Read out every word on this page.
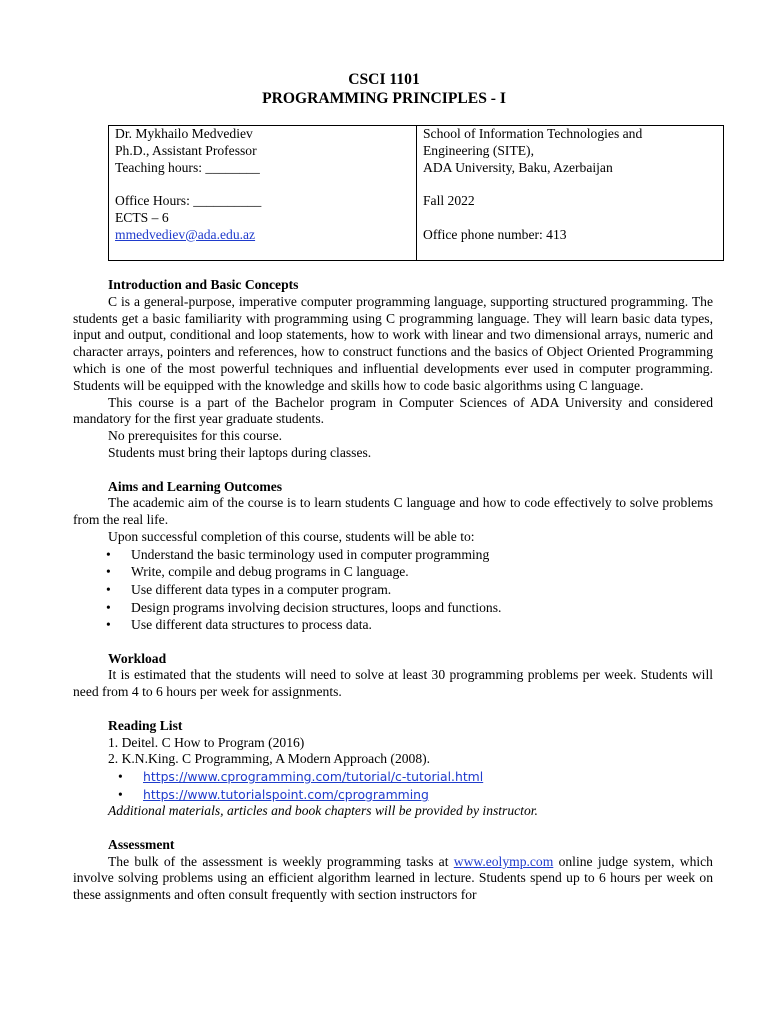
CSCI 1101
PROGRAMMING PRINCIPLES - I
Dr. Mykhailo Medvediev
Ph.D., Assistant Professor
Teaching hours: ________
Office Hours: __________
ECTS – 6
mmedvediev@ada.edu.az

School of Information Technologies and
Engineering (SITE),
ADA University, Baku, Azerbaijan
Fall 2022
Office phone number: 413
Introduction and Basic Concepts

C is a general-purpose, imperative computer programming language, supporting structured programming. The students get a basic familiarity with programming using C programming language. They will learn basic data types, input and output, conditional and loop statements, how to work with linear and two dimensional arrays, numeric and character arrays, pointers and references, how to construct functions and the basics of Object Oriented Programming which is one of the most powerful techniques and influential developments ever used in computer programming. Students will be equipped with the knowledge and skills how to code basic algorithms using C language.

This course is a part of the Bachelor program in Computer Sciences of ADA University and considered mandatory for the first year graduate students.

No prerequisites for this course.

Students must bring their laptops during classes.

Aims and Learning Outcomes

The academic aim of the course is to learn students C language and how to code effectively to solve problems from the real life.

Upon successful completion of this course, students will be able to:

• Understand the basic terminology used in computer programming
• Write, compile and debug programs in C language.
• Use different data types in a computer program.
• Design programs involving decision structures, loops and functions.
• Use different data structures to process data.
Workload

It is estimated that the students will need to solve at least 30 programming problems per week. Students will need from 4 to 6 hours per week for assignments.

Reading List

1. Deitel. C How to Program (2016)

2. K.N.King. C Programming, A Modern Approach (2008).

• https://www.cprogramming.com/tutorial/c-tutorial.html
• https://www.tutorialspoint.com/cprogramming

Additional materials, articles and book chapters will be provided by instructor.

Assessment

The bulk of the assessment is weekly programming tasks at www.eolymp.com online judge system, which involve solving problems using an efficient algorithm learned in lecture. Students spend up to 6 hours per week on these assignments and often consult frequently with section instructors for
